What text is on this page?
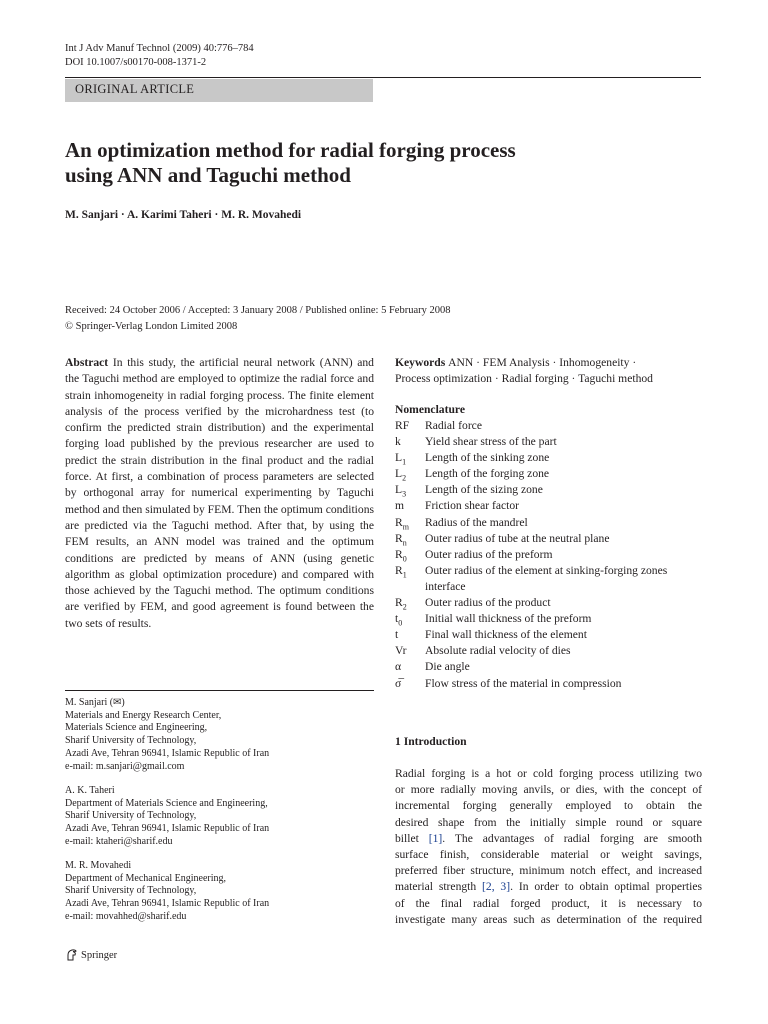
Int J Adv Manuf Technol (2009) 40:776–784
DOI 10.1007/s00170-008-1371-2
ORIGINAL ARTICLE
An optimization method for radial forging process
using ANN and Taguchi method
M. Sanjari · A. Karimi Taheri · M. R. Movahedi
Received: 24 October 2006 / Accepted: 3 January 2008 / Published online: 5 February 2008
© Springer-Verlag London Limited 2008
Abstract In this study, the artificial neural network (ANN) and the Taguchi method are employed to optimize the radial force and strain inhomogeneity in radial forging process. The finite element analysis of the process verified by the microhardness test (to confirm the predicted strain distribution) and the experimental forging load published by the previous researcher are used to predict the strain distribution in the final product and the radial force. At first, a combination of process parameters are selected by orthogonal array for numerical experimenting by Taguchi method and then simulated by FEM. Then the optimum conditions are predicted via the Taguchi method. After that, by using the FEM results, an ANN model was trained and the optimum conditions are predicted by means of ANN (using genetic algorithm as global optimization procedure) and compared with those achieved by the Taguchi method. The optimum conditions are verified by FEM, and good agreement is found between the two sets of results.
M. Sanjari (✉)
Materials and Energy Research Center,
Materials Science and Engineering,
Sharif University of Technology,
Azadi Ave, Tehran 96941, Islamic Republic of Iran
e-mail: m.sanjari@gmail.com
A. K. Taheri
Department of Materials Science and Engineering,
Sharif University of Technology,
Azadi Ave, Tehran 96941, Islamic Republic of Iran
e-mail: ktaheri@sharif.edu
M. R. Movahedi
Department of Mechanical Engineering,
Sharif University of Technology,
Azadi Ave, Tehran 96941, Islamic Republic of Iran
e-mail: movahhed@sharif.edu
Keywords ANN · FEM Analysis · Inhomogeneity ·
Process optimization · Radial forging · Taguchi method
Nomenclature
RF	Radial force
k	Yield shear stress of the part
$L_1$	Length of the sinking zone
$L_2$	Length of the forging zone
$L_3$	Length of the sizing zone
m	Friction shear factor
$R_m$	Radius of the mandrel
$R_n$	Outer radius of tube at the neutral plane
$R_0$	Outer radius of the preform
$R_1$	Outer radius of the element at sinking-forging zones
interface
$R_2$	Outer radius of the product
$t_0$	Initial wall thickness of the preform
t	Final wall thickness of the element
Vr	Absolute radial velocity of dies
α	Die angle
σ̅	Flow stress of the material in compression
1 Introduction
Radial forging is a hot or cold forging process utilizing two
or more radially moving anvils, or dies, with the concept of
incremental forging generally employed to obtain the
desired shape from the initially simple round or square
billet [1]. The advantages of radial forging are smooth
surface finish, considerable material or weight savings,
preferred fiber structure, minimum notch effect, and increased
material strength [2, 3]. In order to obtain optimal properties
of the final radial forged product, it is necessary to
investigate many areas such as determination of the required
Springer
